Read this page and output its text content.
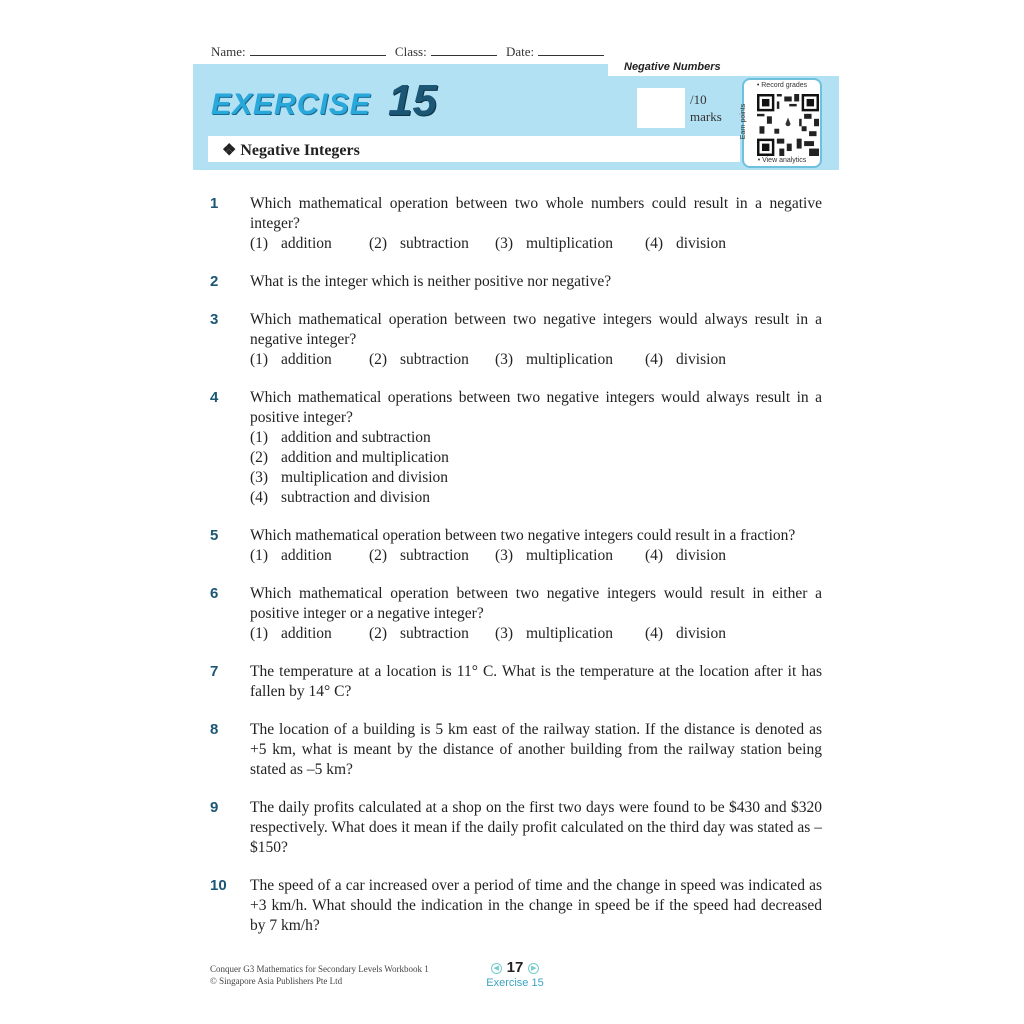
Name:	Class:	Date:
Negative Numbers
EXERCISE 15	/10
marks
❖ Negative Integers
• Record grades
Earn points
• View analytics
1	Which mathematical operation between two whole numbers could result in a negative integer?
(1) addition	(2) subtraction	(3) multiplication	(4) division
2	What is the integer which is neither positive nor negative?
3	Which mathematical operation between two negative integers would always result in a negative integer?
(1) addition	(2) subtraction	(3) multiplication	(4) division
4	Which mathematical operations between two negative integers would always result in a positive integer?
(1) addition and subtraction
(2) addition and multiplication
(3) multiplication and division
(4) subtraction and division
5	Which mathematical operation between two negative integers could result in a fraction?
(1) addition	(2) subtraction	(3) multiplication	(4) division
6	Which mathematical operation between two negative integers would result in either a positive integer or a negative integer?
(1) addition	(2) subtraction	(3) multiplication	(4) division
7	The temperature at a location is 11° C. What is the temperature at the location after it has fallen by 14° C?
8	The location of a building is 5 km east of the railway station. If the distance is denoted as +5 km, what is meant by the distance of another building from the railway station being stated as –5 km?
9	The daily profits calculated at a shop on the first two days were found to be $430 and $320 respectively. What does it mean if the daily profit calculated on the third day was stated as –$150?
10	The speed of a car increased over a period of time and the change in speed was indicated as +3 km/h. What should the indication in the change in speed be if the speed had decreased by 7 km/h?
Conquer G3 Mathematics for Secondary Levels Workbook 1
© Singapore Asia Publishers Pte Ltd
◀ 17 ▶
Exercise 15
